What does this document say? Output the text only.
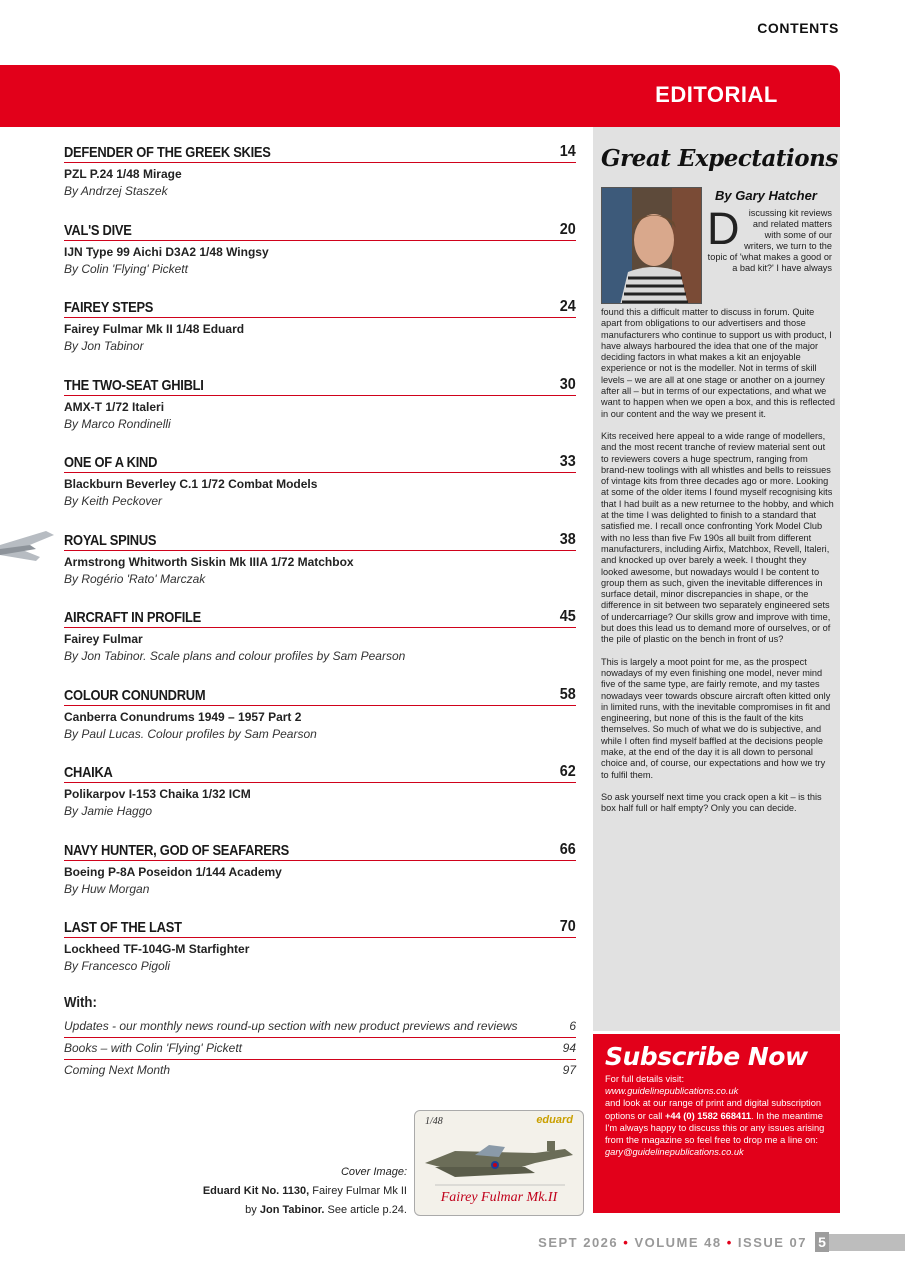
CONTENTS
DEFENDER OF THE GREEK SKIES	14
PZL P.24 1/48 Mirage
By Andrzej Staszek
VAL'S DIVE	20
IJN Type 99 Aichi D3A2 1/48 Wingsy
By Colin 'Flying' Pickett
FAIREY STEPS	24
Fairey Fulmar Mk II 1/48 Eduard
By Jon Tabinor
THE TWO-SEAT GHIBLI	30
AMX-T 1/72 Italeri
By Marco Rondinelli
ONE OF A KIND	33
Blackburn Beverley C.1 1/72 Combat Models
By Keith Peckover
ROYAL SPINUS	38
Armstrong Whitworth Siskin Mk IIIA 1/72 Matchbox
By Rogério 'Rato' Marczak
AIRCRAFT IN PROFILE	45
Fairey Fulmar
By Jon Tabinor. Scale plans and colour profiles by Sam Pearson
COLOUR CONUNDRUM	58
Canberra Conundrums 1949 – 1957 Part 2
By Paul Lucas. Colour profiles by Sam Pearson
CHAIKA	62
Polikarpov I-153 Chaika 1/32 ICM
By Jamie Haggo
NAVY HUNTER, GOD OF SEAFARERS	66
Boeing P-8A Poseidon 1/144 Academy
By Huw Morgan
LAST OF THE LAST	70
Lockheed TF-104G-M Starfighter
By Francesco Pigoli
With:
Updates - our monthly news round-up section with new product previews and reviews	6
Books – with Colin 'Flying' Pickett	94
Coming Next Month	97
Cover Image:
Eduard Kit No. 1130, Fairey Fulmar Mk II
by Jon Tabinor. See article p.24.
1/48	eduard
Fairey Fulmar Mk.II
EDITORIAL
Great Expectations
By Gary Hatcher
D iscussing kit reviews and related matters with some of our writers, we turn to the topic of 'what makes a good or a bad kit?' I have always

found this a difficult matter to discuss in forum. Quite apart from obligations to our advertisers and those manufacturers who continue to support us with product, I have always harboured the idea that one of the major deciding factors in what makes a kit an enjoyable experience or not is the modeller. Not in terms of skill levels – we are all at one stage or another on a journey after all – but in terms of our expectations, and what we want to happen when we open a box, and this is reflected in our content and the way we present it.

Kits received here appeal to a wide range of modellers, and the most recent tranche of review material sent out to reviewers covers a huge spectrum, ranging from brand-new toolings with all whistles and bells to reissues of vintage kits from three decades ago or more. Looking at some of the older items I found myself recognising kits that I had built as a new returnee to the hobby, and which at the time I was delighted to finish to a standard that satisfied me. I recall once confronting York Model Club with no less than five Fw 190s all built from different manufacturers, including Airfix, Matchbox, Revell, Italeri, and knocked up over barely a week. I thought they looked awesome, but nowadays would I be content to group them as such, given the inevitable differences in surface detail, minor discrepancies in shape, or the difference in sit between two separately engineered sets of undercarriage? Our skills grow and improve with time, but does this lead us to demand more of ourselves, or of the pile of plastic on the bench in front of us?

This is largely a moot point for me, as the prospect nowadays of my even finishing one model, never mind five of the same type, are fairly remote, and my tastes nowadays veer towards obscure aircraft often kitted only in limited runs, with the inevitable compromises in fit and engineering, but none of this is the fault of the kits themselves. So much of what we do is subjective, and while I often find myself baffled at the decisions people make, at the end of the day it is all down to personal choice and, of course, our expectations and how we try to fulfil them.

So ask yourself next time you crack open a kit – is this box half full or half empty? Only you can decide.

Subscribe Now
For full details visit:
www.guidelinepublications.co.uk
and look at our range of print and digital subscription options or call +44 (0) 1582 668411. In the meantime I'm always happy to discuss this or any issues arising from the magazine so feel free to drop me a line on:
gary@guidelinepublications.co.uk
SEPT 2026 • VOLUME 48 • ISSUE 07 5
